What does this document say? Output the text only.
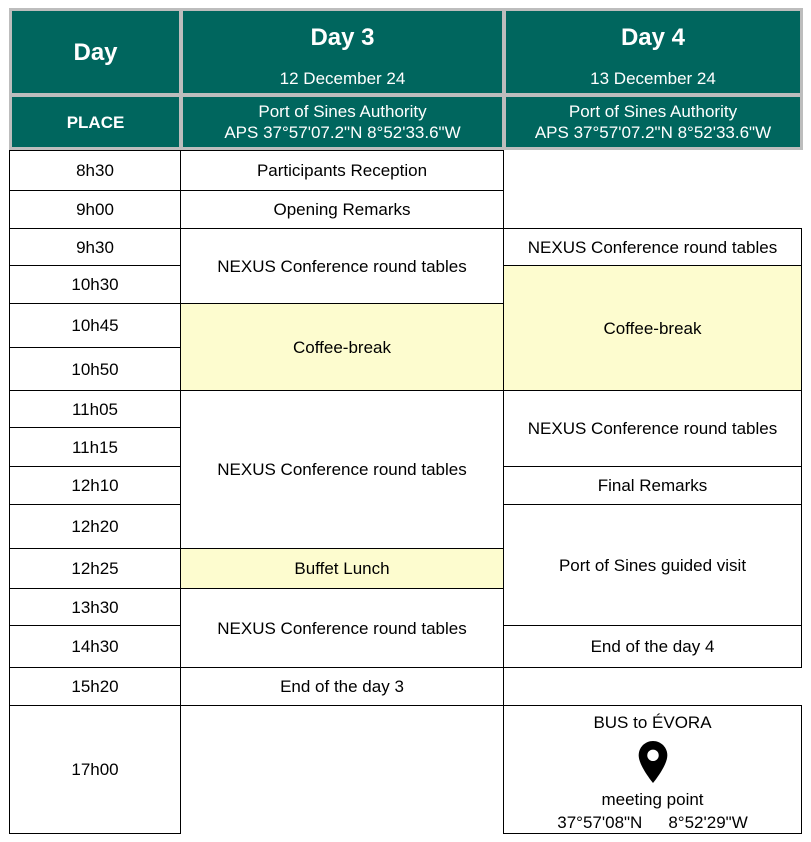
Day
Day 3
12 December 24
Day 4
13 December 24
PLACE
Port of Sines Authority
APS 37°57'07.2"N 8°52'33.6"W
Port of Sines Authority
APS 37°57'07.2"N 8°52'33.6"W
8h30
9h00
9h30
10h30
10h45
10h50
11h05
11h15
12h10
12h20
12h25
13h30
14h30
15h20
17h00
Participants Reception
Opening Remarks
NEXUS Conference round tables
Coffee-break
NEXUS Conference round tables
Buffet Lunch
NEXUS Conference round tables
End of the day 3
NEXUS Conference round tables
Coffee-break
NEXUS Conference round tables
Final Remarks
Port of Sines guided visit
End of the day 4
BUS to ÉVORA
meeting point
37°57'08"N 8°52'29"W
